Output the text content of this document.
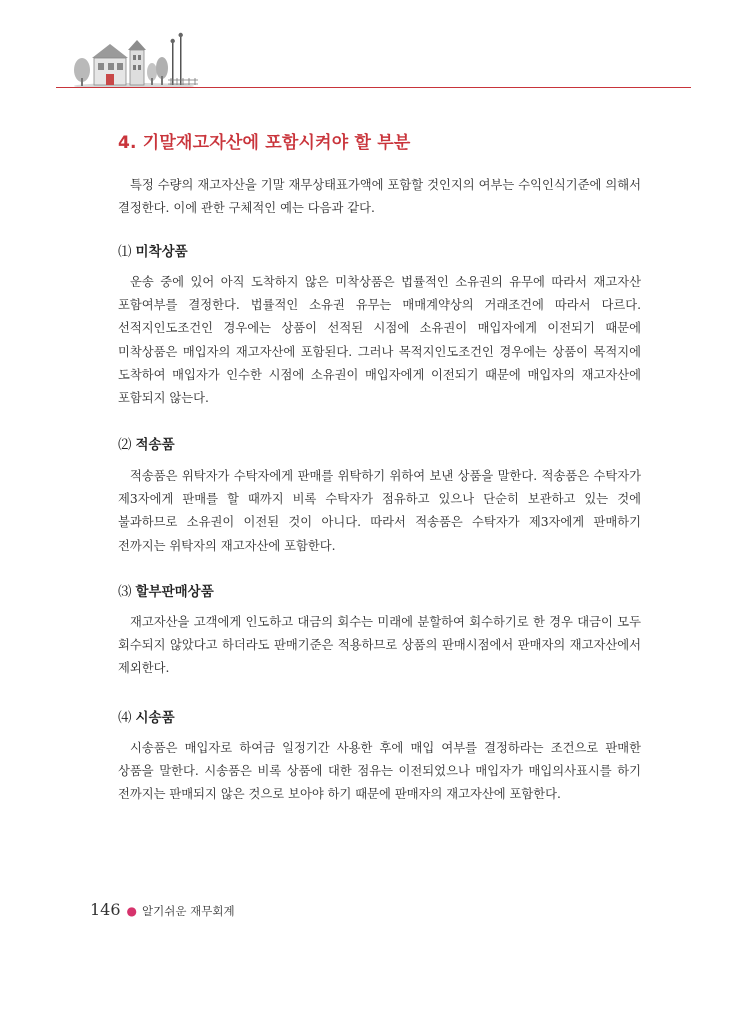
4. 기말재고자산에 포함시켜야 할 부분

특정 수량의 재고자산을 기말 재무상태표가액에 포함할 것인지의 여부는 수익인식기준에 의해서 결정한다. 이에 관한 구체적인 예는 다음과 같다.

⑴ 미착상품

운송 중에 있어 아직 도착하지 않은 미착상품은 법률적인 소유권의 유무에 따라서 재고자산 포함여부를 결정한다. 법률적인 소유권 유무는 매매계약상의 거래조건에 따라서 다르다. 선적지인도조건인 경우에는 상품이 선적된 시점에 소유권이 매입자에게 이전되기 때문에 미착상품은 매입자의 재고자산에 포함된다. 그러나 목적지인도조건인 경우에는 상품이 목적지에 도착하여 매입자가 인수한 시점에 소유권이 매입자에게 이전되기 때문에 매입자의 재고자산에 포함되지 않는다.

⑵ 적송품

적송품은 위탁자가 수탁자에게 판매를 위탁하기 위하여 보낸 상품을 말한다. 적송품은 수탁자가 제3자에게 판매를 할 때까지 비록 수탁자가 점유하고 있으나 단순히 보관하고 있는 것에 불과하므로 소유권이 이전된 것이 아니다. 따라서 적송품은 수탁자가 제3자에게 판매하기 전까지는 위탁자의 재고자산에 포함한다.

⑶ 할부판매상품

재고자산을 고객에게 인도하고 대금의 회수는 미래에 분할하여 회수하기로 한 경우 대금이 모두 회수되지 않았다고 하더라도 판매기준은 적용하므로 상품의 판매시점에서 판매자의 재고자산에서 제외한다.

⑷ 시송품

시송품은 매입자로 하여금 일정기간 사용한 후에 매입 여부를 결정하라는 조건으로 판매한 상품을 말한다. 시송품은 비록 상품에 대한 점유는 이전되었으나 매입자가 매입의사표시를 하기 전까지는 판매되지 않은 것으로 보아야 하기 때문에 판매자의 재고자산에 포함한다.

146 ● 알기쉬운 재무회계
